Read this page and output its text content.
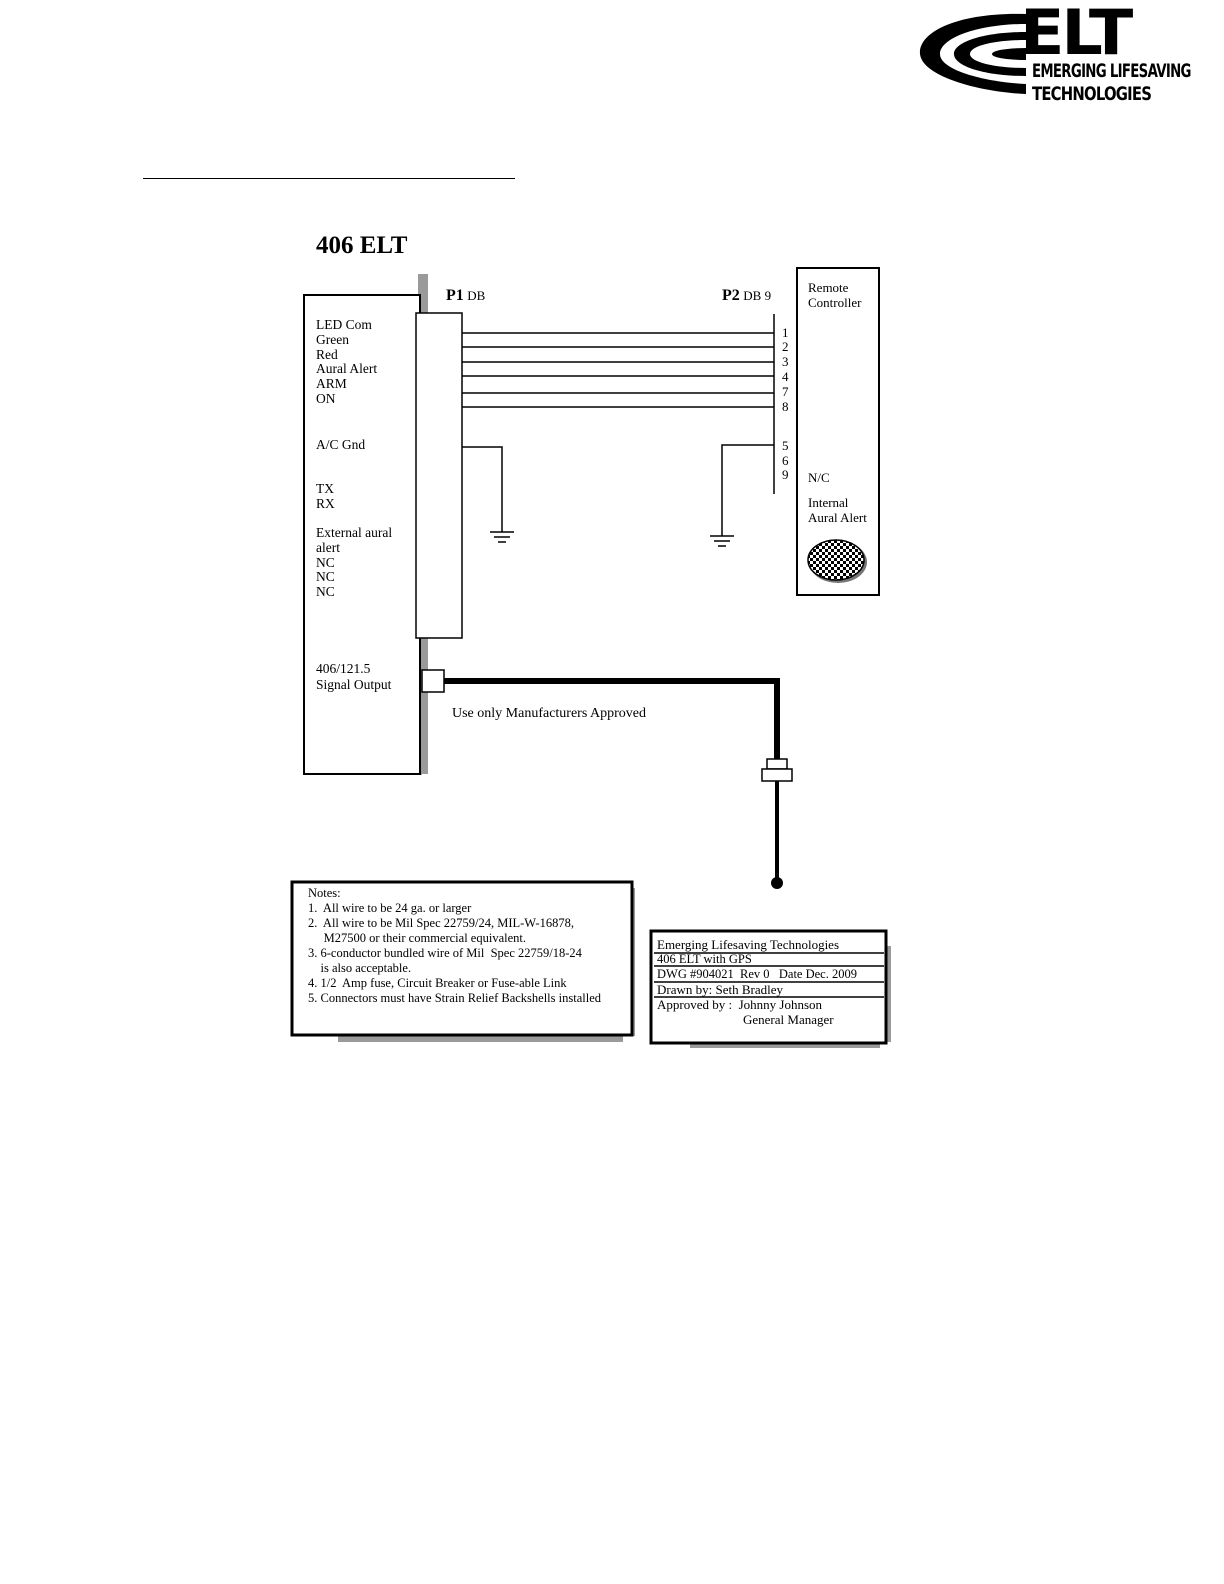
ELT
EMERGING LIFESAVING
TECHNOLOGIES
406 ELT
P1 DB	P2 DB 9
LED Com
Green
Red
Aural Alert
ARM
ON
A/C Gnd
TX
RX
External aural
alert
NC
NC
NC
406/121.5
Signal Output
1
2
3
4
7
8
5
6
9
Remote
Controller
N/C
Internal
Aural Alert
Use only Manufacturers Approved
Notes:
1.  All wire to be 24 ga. or larger
2.  All wire to be Mil Spec 22759/24, MIL-W-16878,
M27500 or their commercial equivalent.
3. 6-conductor bundled wire of Mil  Spec 22759/18-24
is also acceptable.
4. 1/2  Amp fuse, Circuit Breaker or Fuse-able Link
5. Connectors must have Strain Relief Backshells installed
Emerging Lifesaving Technologies
406 ELT with GPS
DWG #904021  Rev 0   Date Dec. 2009
Drawn by: Seth Bradley
Approved by :  Johnny Johnson
General Manager
